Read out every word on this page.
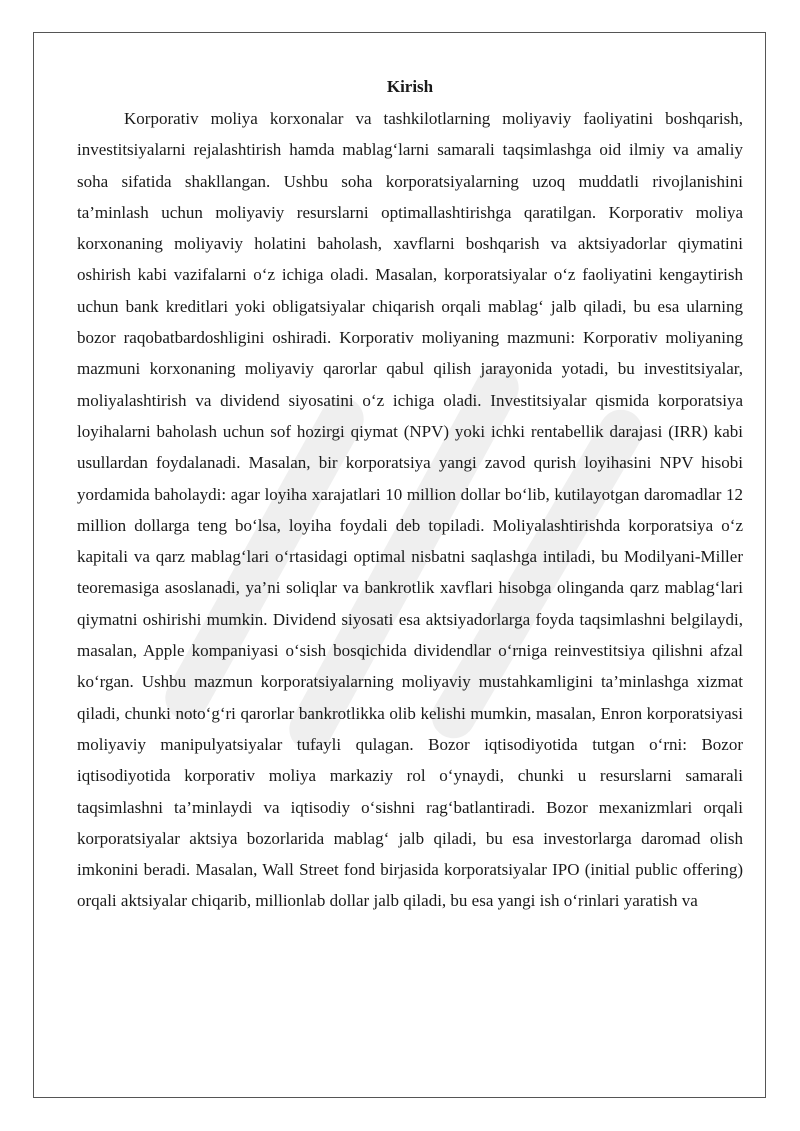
Kirish

Korporativ moliya korxonalar va tashkilotlarning moliyaviy faoliyatini boshqarish, investitsiyalarni rejalashtirish hamda mablag‘larni samarali taqsimlashga oid ilmiy va amaliy soha sifatida shakllangan. Ushbu soha korporatsiyalarning uzoq muddatli rivojlanishini ta’minlash uchun moliyaviy resurslarni optimallashtirishga qaratilgan. Korporativ moliya korxonaning moliyaviy holatini baholash, xavflarni boshqarish va aktsiyadorlar qiymatini oshirish kabi vazifalarni o‘z ichiga oladi. Masalan, korporatsiyalar o‘z faoliyatini kengaytirish uchun bank kreditlari yoki obligatsiyalar chiqarish orqali mablag‘ jalb qiladi, bu esa ularning bozor raqobatbardoshligini oshiradi. Korporativ moliyaning mazmuni: Korporativ moliyaning mazmuni korxonaning moliyaviy qarorlar qabul qilish jarayonida yotadi, bu investitsiyalar, moliyalashtirish va dividend siyosatini o‘z ichiga oladi. Investitsiyalar qismida korporatsiya loyihalarni baholash uchun sof hozirgi qiymat (NPV) yoki ichki rentabellik darajasi (IRR) kabi usullardan foydalanadi. Masalan, bir korporatsiya yangi zavod qurish loyihasini NPV hisobi yordamida baholaydi: agar loyiha xarajatlari 10 million dollar bo‘lib, kutilayotgan daromadlar 12 million dollarga teng bo‘lsa, loyiha foydali deb topiladi. Moliyalashtirishda korporatsiya o‘z kapitali va qarz mablag‘lari o‘rtasidagi optimal nisbatni saqlashga intiladi, bu Modilyani-Miller teoremasiga asoslanadi, ya’ni soliqlar va bankrotlik xavflari hisobga olinganda qarz mablag‘lari qiymatni oshirishi mumkin. Dividend siyosati esa aktsiyadorlarga foyda taqsimlashni belgilaydi, masalan, Apple kompaniyasi o‘sish bosqichida dividendlar o‘rniga reinvestitsiya qilishni afzal ko‘rgan. Ushbu mazmun korporatsiyalarning moliyaviy mustahkamligini ta’minlashga xizmat qiladi, chunki noto‘g‘ri qarorlar bankrotlikka olib kelishi mumkin, masalan, Enron korporatsiyasi moliyaviy manipulyatsiyalar tufayli qulagan. Bozor iqtisodiyotida tutgan o‘rni: Bozor iqtisodiyotida korporativ moliya markaziy rol o‘ynaydi, chunki u resurslarni samarali taqsimlashni ta’minlaydi va iqtisodiy o‘sishni rag‘batlantiradi. Bozor mexanizmlari orqali korporatsiyalar aktsiya bozorlarida mablag‘ jalb qiladi, bu esa investorlarga daromad olish imkonini beradi. Masalan, Wall Street fond birjasida korporatsiyalar IPO (initial public offering) orqali aktsiyalar chiqarib, millionlab dollar jalb qiladi, bu esa yangi ish o‘rinlari yaratish va
